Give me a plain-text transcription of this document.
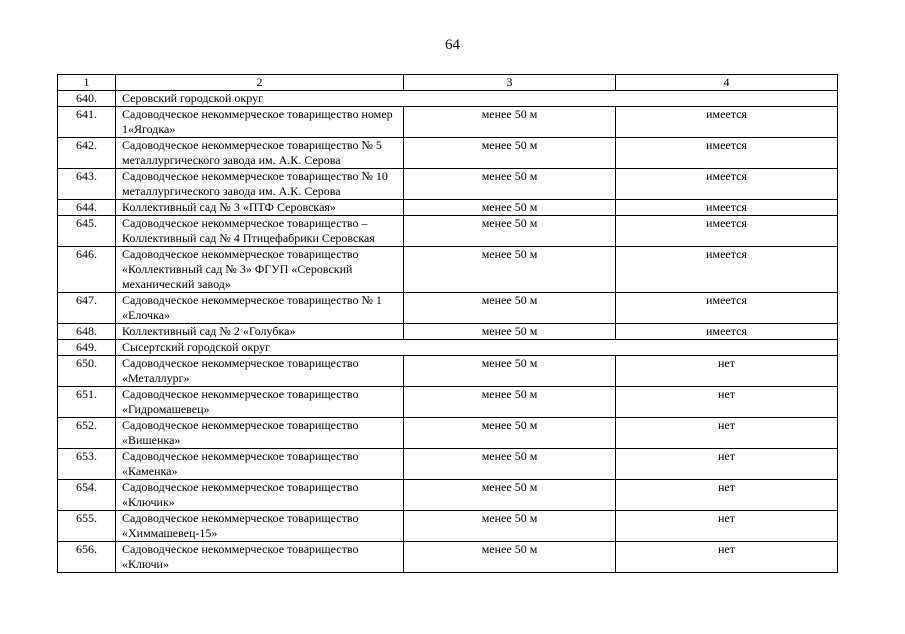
64
1	2	3	4
640.	Серовский городской округ		
641.	Садоводческое некоммерческое товарищество номер 1«Ягодка»	менее 50 м	имеется
642.	Садоводческое некоммерческое товарищество № 5 металлургического завода им. А.К. Серова	менее 50 м	имеется
643.	Садоводческое некоммерческое товарищество № 10 металлургического завода им. А.К. Серова	менее 50 м	имеется
644.	Коллективный сад № 3 «ПТФ Серовская»	менее 50 м	имеется
645.	Садоводческое некоммерческое товарищество – Коллективный сад № 4 Птицефабрики Серовская	менее 50 м	имеется
646.	Садоводческое некоммерческое товарищество «Коллективный сад № 3» ФГУП «Серовский механический завод»	менее 50 м	имеется
647.	Садоводческое некоммерческое товарищество № 1 «Елочка»	менее 50 м	имеется
648.	Коллективный сад № 2 «Голубка»	менее 50 м	имеется
649.	Сысертский городской округ		
650.	Садоводческое некоммерческое товарищество «Металлург»	менее 50 м	нет
651.	Садоводческое некоммерческое товарищество «Гидромашевец»	менее 50 м	нет
652.	Садоводческое некоммерческое товарищество «Вишенка»	менее 50 м	нет
653.	Садоводческое некоммерческое товарищество «Каменка»	менее 50 м	нет
654.	Садоводческое некоммерческое товарищество «Ключик»	менее 50 м	нет
655.	Садоводческое некоммерческое товарищество «Химмашевец-15»	менее 50 м	нет
656.	Садоводческое некоммерческое товарищество «Ключи»	менее 50 м	нет
